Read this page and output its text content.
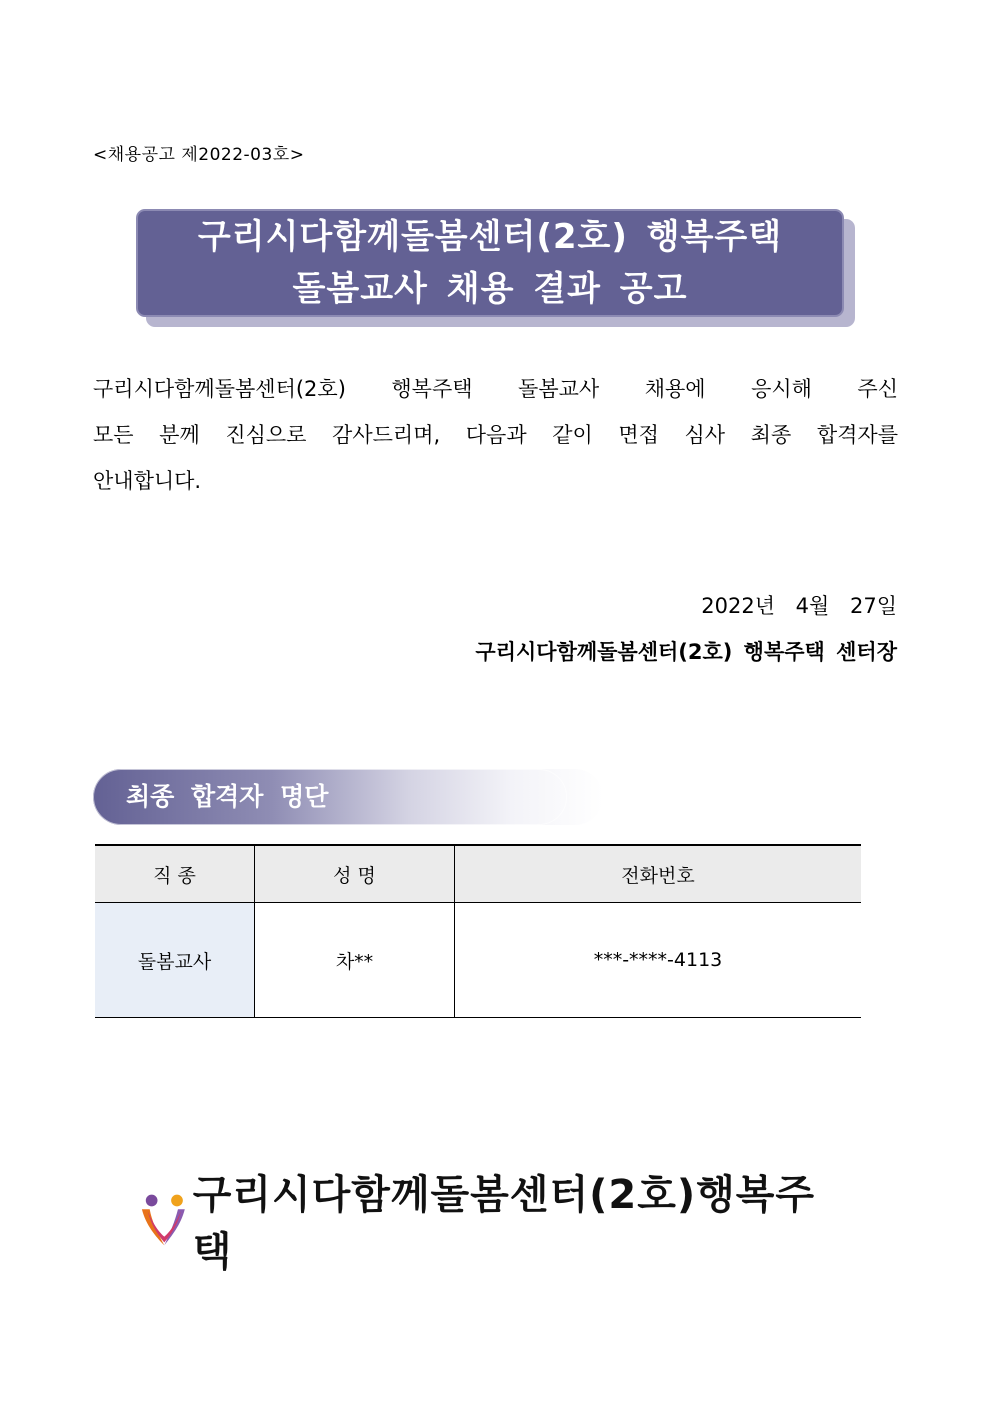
<채용공고 제2022-03호>
구리시다함께돌봄센터(2호) 행복주택
돌봄교사 채용 결과 공고
구리시다함께돌봄센터(2호) 행복주택 돌봄교사 채용에 응시해 주신
모든 분께 진심으로 감사드리며, 다음과 같이 면접 심사 최종 합격자를
안내합니다.
2022년 4월 27일
구리시다함께돌봄센터(2호) 행복주택 센터장
최종 합격자 명단
직 종	성 명	전화번호
돌봄교사	차**	***-****-4113
구리시다함께돌봄센터(2호)행복주택
